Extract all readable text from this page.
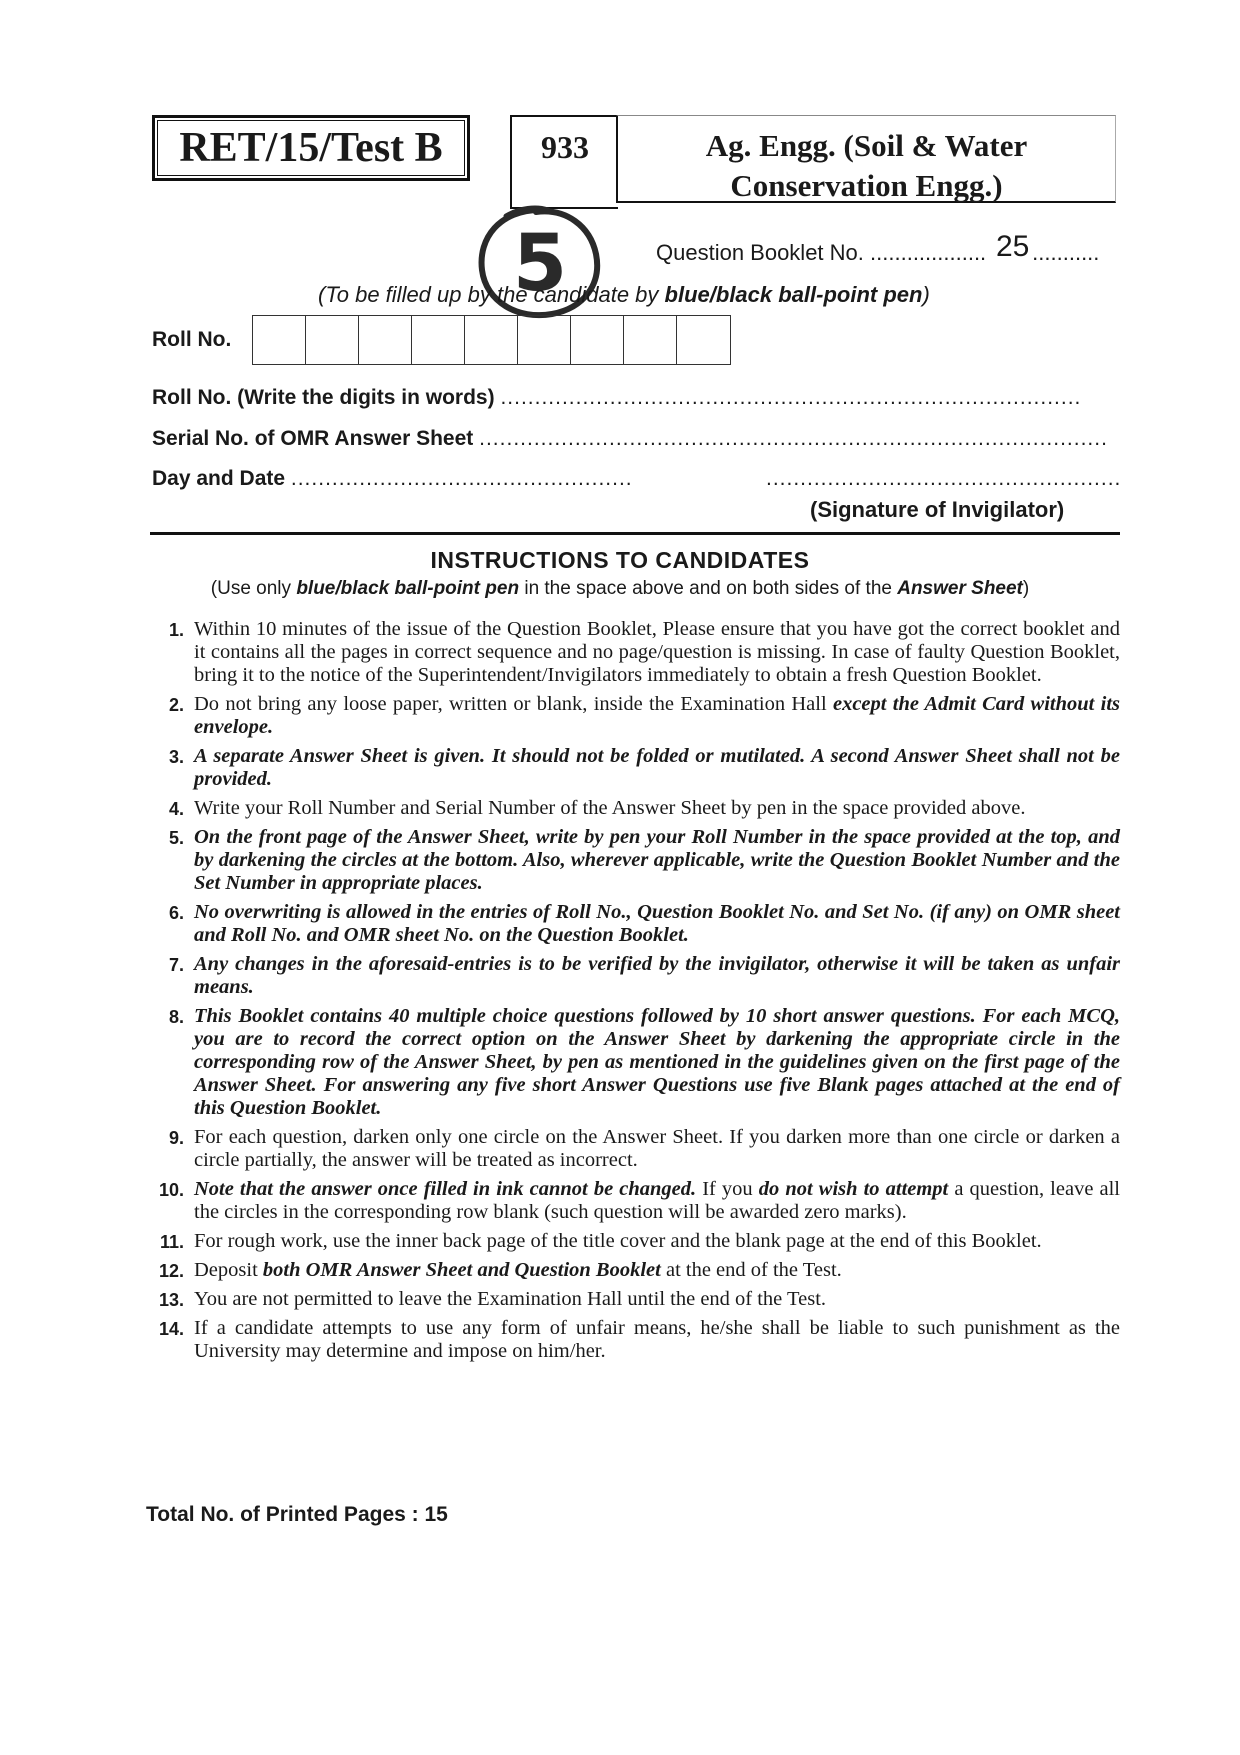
RET/15/Test B	933	Ag. Engg. (Soil & Water
Conservation Engg.)
5	Question Booklet No. ................... ...........
25
(To be filled up by the candidate by blue/black ball-point pen)
Roll No.
Roll No. (Write the digits in words) .....................................................................................
Serial No. of OMR Answer Sheet ............................................................................................
Day and Date ..................................................	....................................................
(Signature of Invigilator)
INSTRUCTIONS TO CANDIDATES
(Use only blue/black ball-point pen in the space above and on both sides of the Answer Sheet)
1. Within 10 minutes of the issue of the Question Booklet, Please ensure that you have got the correct booklet and it contains all the pages in correct sequence and no page/question is missing. In case of faulty Question Booklet, bring it to the notice of the Superintendent/Invigilators immediately to obtain a fresh Question Booklet.
2. Do not bring any loose paper, written or blank, inside the Examination Hall except the Admit Card without its envelope.
3. A separate Answer Sheet is given. It should not be folded or mutilated. A second Answer Sheet shall not be provided.
4. Write your Roll Number and Serial Number of the Answer Sheet by pen in the space provided above.
5. On the front page of the Answer Sheet, write by pen your Roll Number in the space provided at the top, and by darkening the circles at the bottom. Also, wherever applicable, write the Question Booklet Number and the Set Number in appropriate places.
6. No overwriting is allowed in the entries of Roll No., Question Booklet No. and Set No. (if any) on OMR sheet and Roll No. and OMR sheet No. on the Question Booklet.
7. Any changes in the aforesaid-entries is to be verified by the invigilator, otherwise it will be taken as unfair means.
8. This Booklet contains 40 multiple choice questions followed by 10 short answer questions. For each MCQ, you are to record the correct option on the Answer Sheet by darkening the appropriate circle in the corresponding row of the Answer Sheet, by pen as mentioned in the guidelines given on the first page of the Answer Sheet. For answering any five short Answer Questions use five Blank pages attached at the end of this Question Booklet.
9. For each question, darken only one circle on the Answer Sheet. If you darken more than one circle or darken a circle partially, the answer will be treated as incorrect.
10. Note that the answer once filled in ink cannot be changed. If you do not wish to attempt a question, leave all the circles in the corresponding row blank (such question will be awarded zero marks).
11. For rough work, use the inner back page of the title cover and the blank page at the end of this Booklet.
12. Deposit both OMR Answer Sheet and Question Booklet at the end of the Test.
13. You are not permitted to leave the Examination Hall until the end of the Test.
14. If a candidate attempts to use any form of unfair means, he/she shall be liable to such punishment as the University may determine and impose on him/her.
Total No. of Printed Pages : 15
